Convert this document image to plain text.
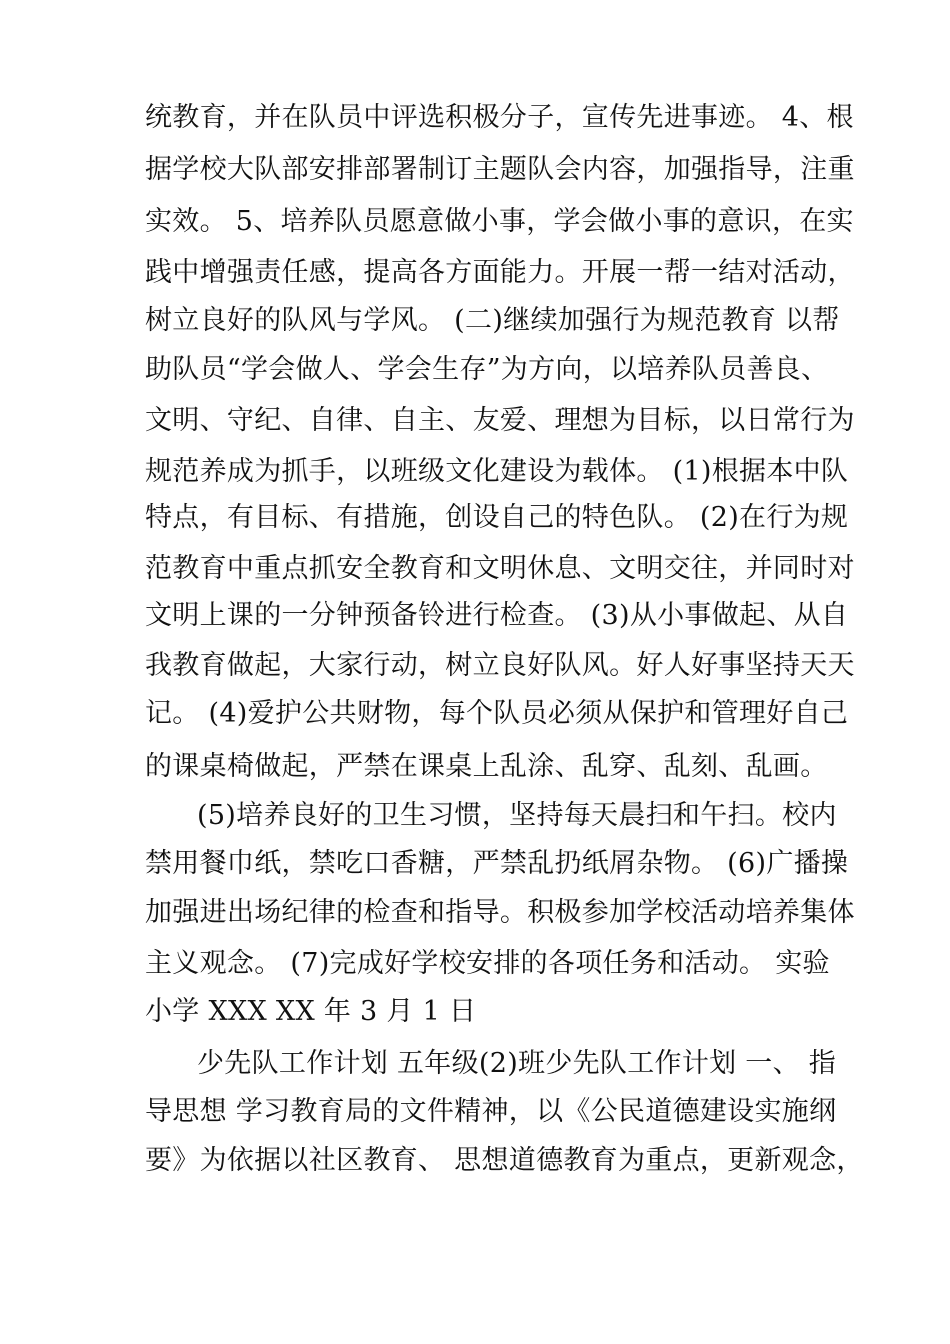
统教育，并在队员中评选积极分子，宣传先进事迹。 4、根
据学校大队部安排部署制订主题队会内容，加强指导，注重
实效。 5、培养队员愿意做小事，学会做小事的意识，在实
践中增强责任感，提高各方面能力。开展一帮一结对活动，
树立良好的队风与学风。 (二)继续加强行为规范教育 以帮
助队员“学会做人、学会生存”为方向，以培养队员善良、
文明、守纪、自律、自主、友爱、理想为目标，以日常行为
规范养成为抓手，以班级文化建设为载体。 (1)根据本中队
特点，有目标、有措施，创设自己的特色队。 (2)在行为规
范教育中重点抓安全教育和文明休息、文明交往，并同时对
文明上课的一分钟预备铃进行检查。 (3)从小事做起、从自
我教育做起，大家行动，树立良好队风。好人好事坚持天天
记。 (4)爱护公共财物，每个队员必须从保护和管理好自己
的课桌椅做起，严禁在课桌上乱涂、乱穿、乱刻、乱画。
(5)培养良好的卫生习惯，坚持每天晨扫和午扫。校内
禁用餐巾纸，禁吃口香糖，严禁乱扔纸屑杂物。 (6)广播操
加强进出场纪律的检查和指导。积极参加学校活动培养集体
主义观念。 (7)完成好学校安排的各项任务和活动。 实验
小学 XXX XX 年 3 月 1 日
少先队工作计划 五年级(2)班少先队工作计划 一、 指
导思想 学习教育局的文件精神，以《公民道德建设实施纲
要》为依据以社区教育、 思想道德教育为重点，更新观念，
